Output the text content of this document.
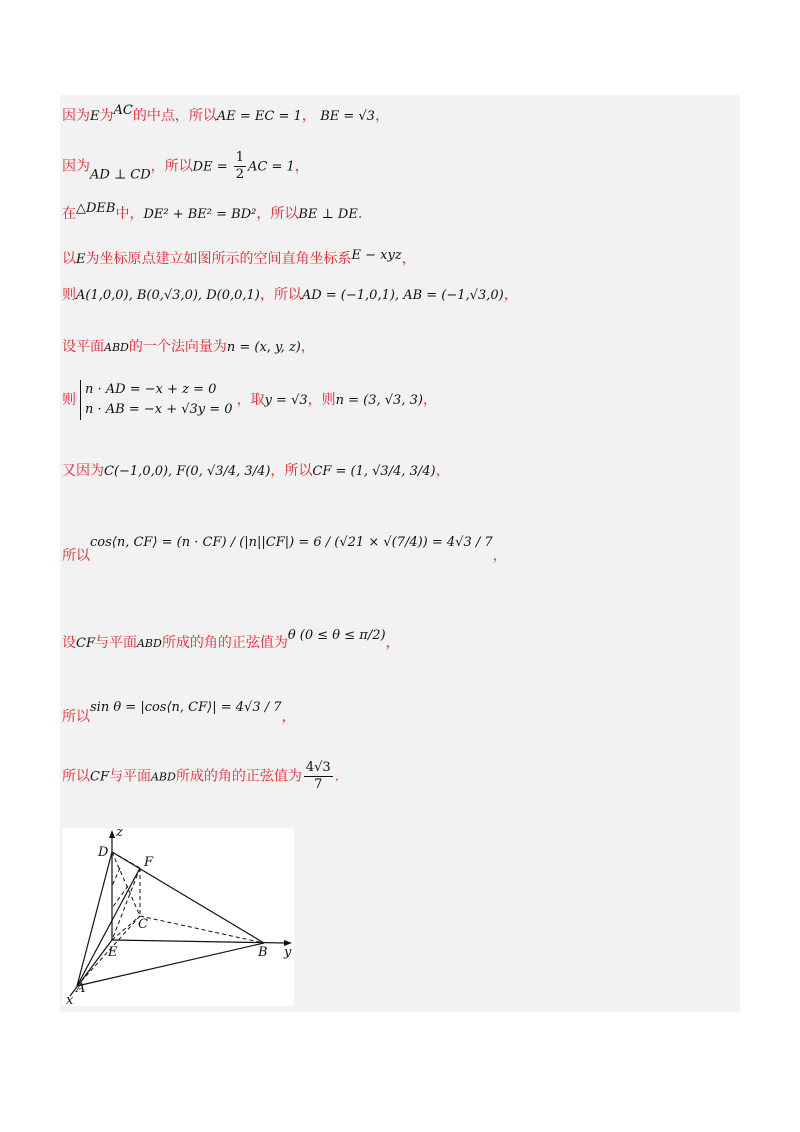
因为E为AC的中点，所以AE = EC = 1， BE = √3，
因为AD ⊥ CD，所以DE = $\frac{1}{2}$ AC = 1，
在△DEB中，DE² + BE² = BD²，所以BE ⊥ DE.
以E为坐标原点建立如图所示的空间直角坐标系E − xyz，
则A(1,0,0), B(0,√3,0), D(0,0,1)，所以AD = (−1,0,1), AB = (−1,√3,0)，
设平面ABD的一个法向量为n = (x, y, z)，
则
n · AD = −x + z = 0
n · AB = −x + √3y = 0
，取y = √3，则n = (3, √3, 3)，
又因为C(−1,0,0), F(0, √3/4, 3/4)，所以CF = (1, √3/4, 3/4)，
所以cos⟨n, CF⟩ = (n · CF) / (|n||CF|) = 6 / (√21 × √(7/4)) = 4√3 / 7，
设CF与平面ABD所成的角的正弦值为θ (0 ≤ θ ≤ π/2)，
所以sin θ = |cos⟨n, CF⟩| = 4√3 / 7，
所以CF与平面ABD所成的角的正弦值为 $\frac{4√3}{7}$ .
z
y
x
D
F
C
E	B
A
